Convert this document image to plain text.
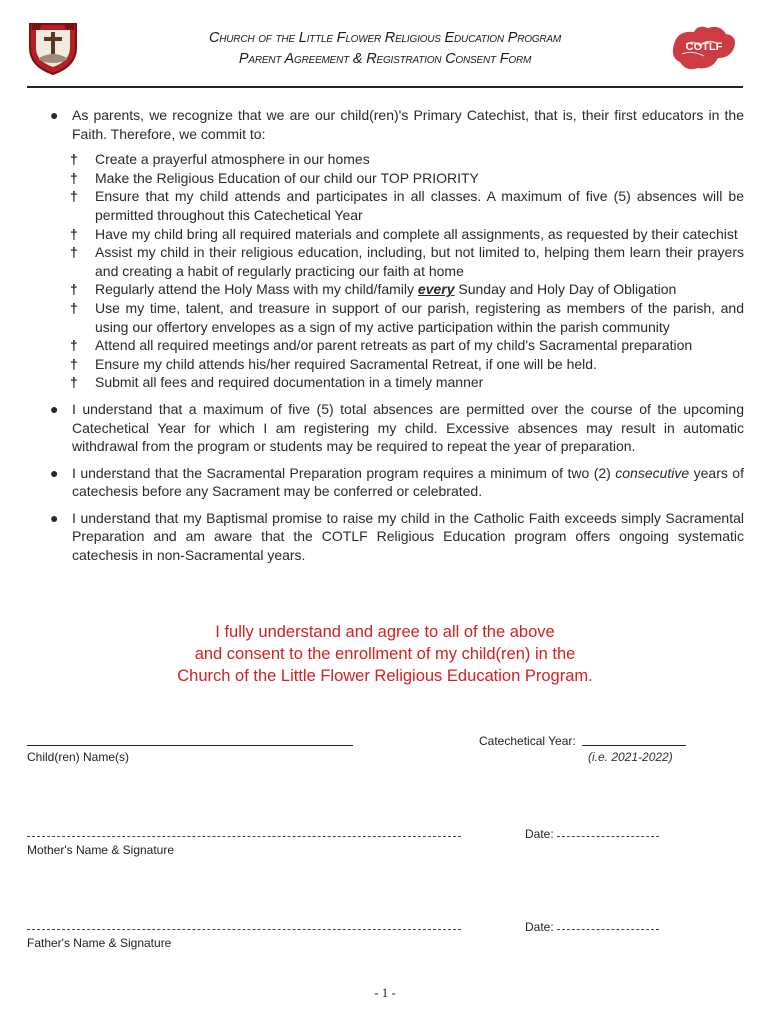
Church of the Little Flower Religious Education Program
Parent Agreement & Registration Consent Form
COTLF
● As parents, we recognize that we are our child(ren)'s Primary Catechist, that is, their first educators in the Faith. Therefore, we commit to:
† Create a prayerful atmosphere in our homes
† Make the Religious Education of our child our TOP PRIORITY
† Ensure that my child attends and participates in all classes. A maximum of five (5) absences will be permitted throughout this Catechetical Year
† Have my child bring all required materials and complete all assignments, as requested by their catechist
† Assist my child in their religious education, including, but not limited to, helping them learn their prayers and creating a habit of regularly practicing our faith at home
† Regularly attend the Holy Mass with my child/family every Sunday and Holy Day of Obligation
† Use my time, talent, and treasure in support of our parish, registering as members of the parish, and using our offertory envelopes as a sign of my active participation within the parish community
† Attend all required meetings and/or parent retreats as part of my child's Sacramental preparation
† Ensure my child attends his/her required Sacramental Retreat, if one will be held.
† Submit all fees and required documentation in a timely manner
● I understand that a maximum of five (5) total absences are permitted over the course of the upcoming Catechetical Year for which I am registering my child. Excessive absences may result in automatic withdrawal from the program or students may be required to repeat the year of preparation.
● I understand that the Sacramental Preparation program requires a minimum of two (2) consecutive years of catechesis before any Sacrament may be conferred or celebrated.
● I understand that my Baptismal promise to raise my child in the Catholic Faith exceeds simply Sacramental Preparation and am aware that the COTLF Religious Education program offers ongoing systematic catechesis in non-Sacramental years.
I fully understand and agree to all of the above
and consent to the enrollment of my child(ren) in the
Church of the Little Flower Religious Education Program.
Child(ren) Name(s)
Catechetical Year:
(i.e. 2021-2022)
Mother's Name & Signature
Date:
Father's Name & Signature
Date:
- 1 -
